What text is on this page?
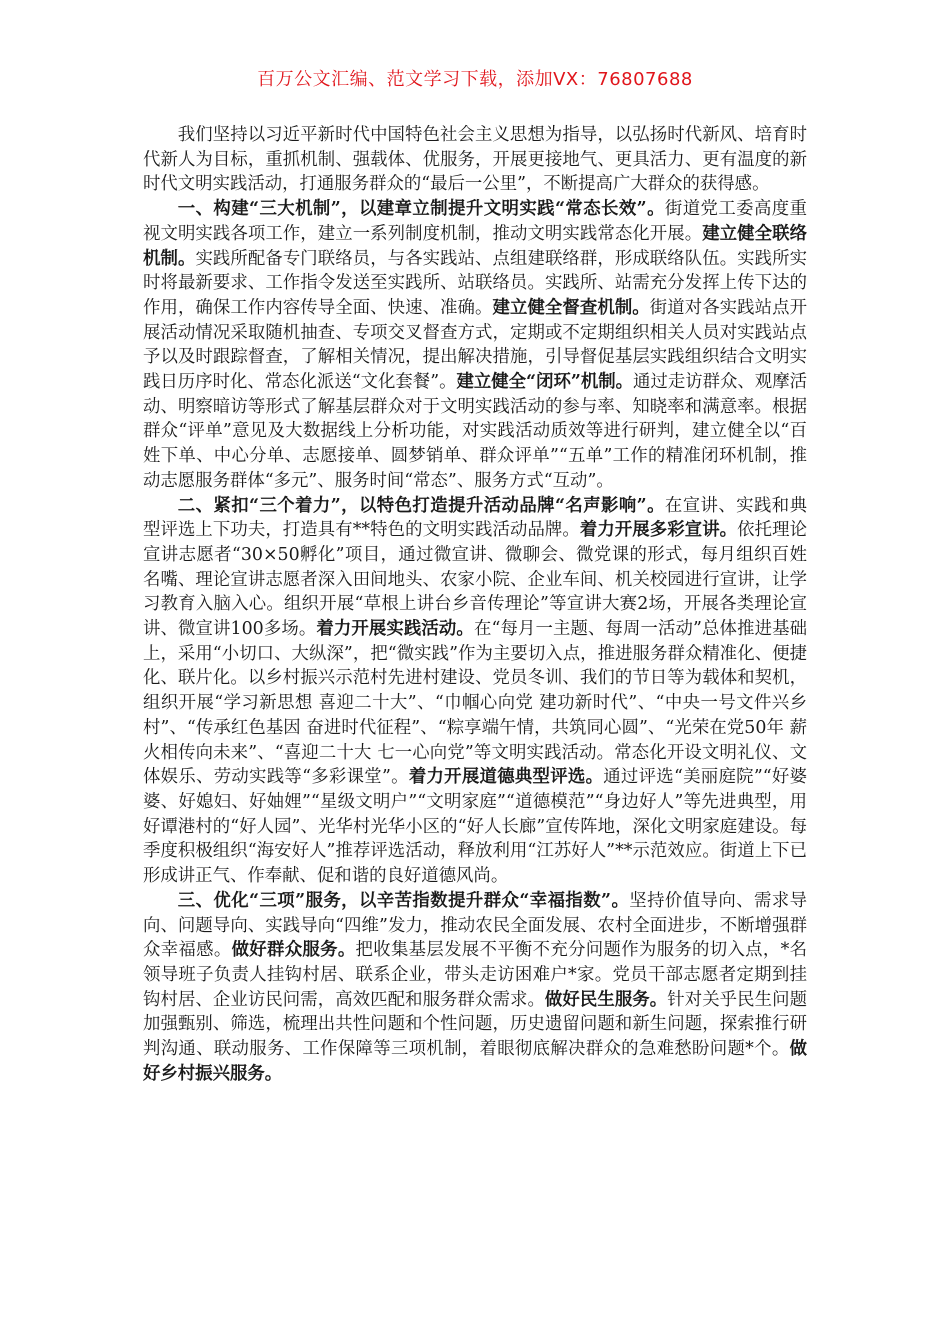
百万公文汇编、范文学习下载，添加VX：76807688

我们坚持以习近平新时代中国特色社会主义思想为指导，以弘扬时代新风、培育时代新人为目标，重抓机制、强载体、优服务，开展更接地气、更具活力、更有温度的新时代文明实践活动，打通服务群众的“最后一公里”，不断提高广大群众的获得感。

一、构建“三大机制”，以建章立制提升文明实践“常态长效”。街道党工委高度重视文明实践各项工作，建立一系列制度机制，推动文明实践常态化开展。建立健全联络机制。实践所配备专门联络员，与各实践站、点组建联络群，形成联络队伍。实践所实时将最新要求、工作指令发送至实践所、站联络员。实践所、站需充分发挥上传下达的作用，确保工作内容传导全面、快速、准确。建立健全督查机制。街道对各实践站点开展活动情况采取随机抽查、专项交叉督查方式，定期或不定期组织相关人员对实践站点予以及时跟踪督查，了解相关情况，提出解决措施，引导督促基层实践组织结合文明实践日历序时化、常态化派送“文化套餐”。建立健全“闭环”机制。通过走访群众、观摩活动、明察暗访等形式了解基层群众对于文明实践活动的参与率、知晓率和满意率。根据群众“评单”意见及大数据线上分析功能，对实践活动质效等进行研判，建立健全以“百姓下单、中心分单、志愿接单、圆梦销单、群众评单”“五单”工作的精准闭环机制，推动志愿服务群体“多元”、服务时间“常态”、服务方式“互动”。

二、紧扣“三个着力”，以特色打造提升活动品牌“名声影响”。在宣讲、实践和典型评选上下功夫，打造具有**特色的文明实践活动品牌。着力开展多彩宣讲。依托理论宣讲志愿者“30×50孵化”项目，通过微宣讲、微聊会、微党课的形式，每月组织百姓名嘴、理论宣讲志愿者深入田间地头、农家小院、企业车间、机关校园进行宣讲，让学习教育入脑入心。组织开展“草根上讲台乡音传理论”等宣讲大赛2场，开展各类理论宣讲、微宣讲100多场。着力开展实践活动。在“每月一主题、每周一活动”总体推进基础上，采用“小切口、大纵深”，把“微实践”作为主要切入点，推进服务群众精准化、便捷化、联片化。以乡村振兴示范村先进村建设、党员冬训、我们的节日等为载体和契机，组织开展“学习新思想 喜迎二十大”、“巾帼心向党 建功新时代”、“中央一号文件兴乡村”、“传承红色基因 奋进时代征程”、“粽享端午情，共筑同心圆”、“光荣在党50年 薪火相传向未来”、“喜迎二十大 七一心向党”等文明实践活动。常态化开设文明礼仪、文体娱乐、劳动实践等“多彩课堂”。着力开展道德典型评选。通过评选“美丽庭院”“好婆婆、好媳妇、好妯娌”“星级文明户”“文明家庭”“道德模范”“身边好人”等先进典型，用好谭港村的“好人园”、光华村光华小区的“好人长廊”宣传阵地，深化文明家庭建设。每季度积极组织“海安好人”推荐评选活动，释放利用“江苏好人”**示范效应。街道上下已形成讲正气、作奉献、促和谐的良好道德风尚。

三、优化“三项”服务，以辛苦指数提升群众“幸福指数”。坚持价值导向、需求导向、问题导向、实践导向“四维”发力，推动农民全面发展、农村全面进步，不断增强群众幸福感。做好群众服务。把收集基层发展不平衡不充分问题作为服务的切入点，*名领导班子负责人挂钩村居、联系企业，带头走访困难户*家。党员干部志愿者定期到挂钩村居、企业访民问需，高效匹配和服务群众需求。做好民生服务。针对关乎民生问题加强甄别、筛选，梳理出共性问题和个性问题，历史遗留问题和新生问题，探索推行研判沟通、联动服务、工作保障等三项机制，着眼彻底解决群众的急难愁盼问题*个。做好乡村振兴服务。
